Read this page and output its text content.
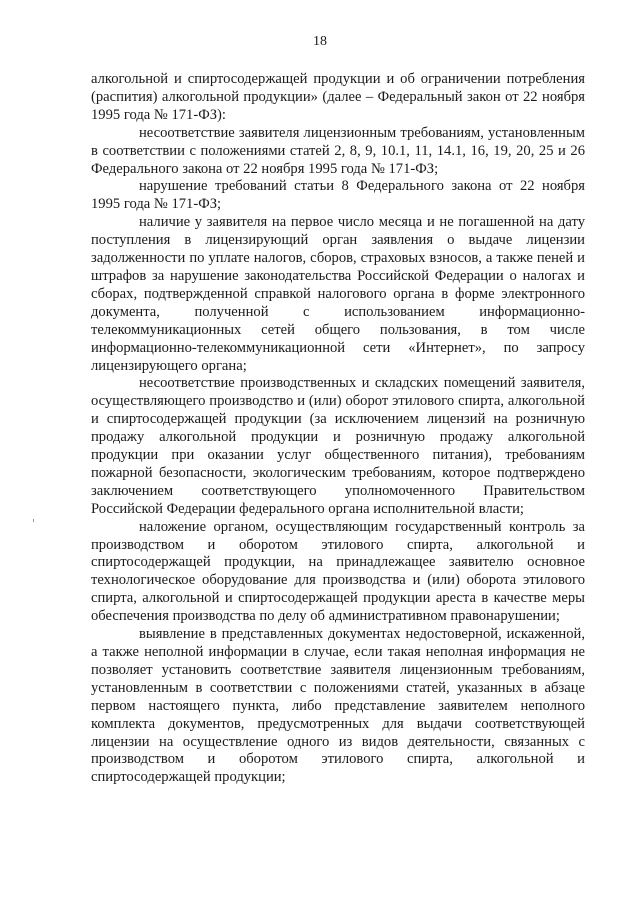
18

алкогольной и спиртосодержащей продукции и об ограничении потребления (распития) алкогольной продукции» (далее – Федеральный закон от 22 ноября 1995 года № 171-ФЗ):

несоответствие заявителя лицензионным требованиям, установленным в соответствии с положениями статей 2, 8, 9, 10.1, 11, 14.1, 16, 19, 20, 25 и 26 Федерального закона от 22 ноября 1995 года № 171-ФЗ;

нарушение требований статьи 8 Федерального закона от 22 ноября 1995 года № 171-ФЗ;

наличие у заявителя на первое число месяца и не погашенной на дату поступления в лицензирующий орган заявления о выдаче лицензии задолженности по уплате налогов, сборов, страховых взносов, а также пеней и штрафов за нарушение законодательства Российской Федерации о налогах и сборах, подтвержденной справкой налогового органа в форме электронного документа, полученной с использованием информационно-телекоммуникационных сетей общего пользования, в том числе информационно-телекоммуникационной сети «Интернет», по запросу лицензирующего органа;

несоответствие производственных и складских помещений заявителя, осуществляющего производство и (или) оборот этилового спирта, алкогольной и спиртосодержащей продукции (за исключением лицензий на розничную продажу алкогольной продукции и розничную продажу алкогольной продукции при оказании услуг общественного питания), требованиям пожарной безопасности, экологическим требованиям, которое подтверждено заключением соответствующего уполномоченного Правительством Российской Федерации федерального органа исполнительной власти;

наложение органом, осуществляющим государственный контроль за производством и оборотом этилового спирта, алкогольной и спиртосодержащей продукции, на принадлежащее заявителю основное технологическое оборудование для производства и (или) оборота этилового спирта, алкогольной и спиртосодержащей продукции ареста в качестве меры обеспечения производства по делу об административном правонарушении;

выявление в представленных документах недостоверной, искаженной, а также неполной информации в случае, если такая неполная информация не позволяет установить соответствие заявителя лицензионным требованиям, установленным в соответствии с положениями статей, указанных в абзаце первом настоящего пункта, либо представление заявителем неполного комплекта документов, предусмотренных для выдачи соответствующей лицензии на осуществление одного из видов деятельности, связанных с производством и оборотом этилового спирта, алкогольной и спиртосодержащей продукции;
